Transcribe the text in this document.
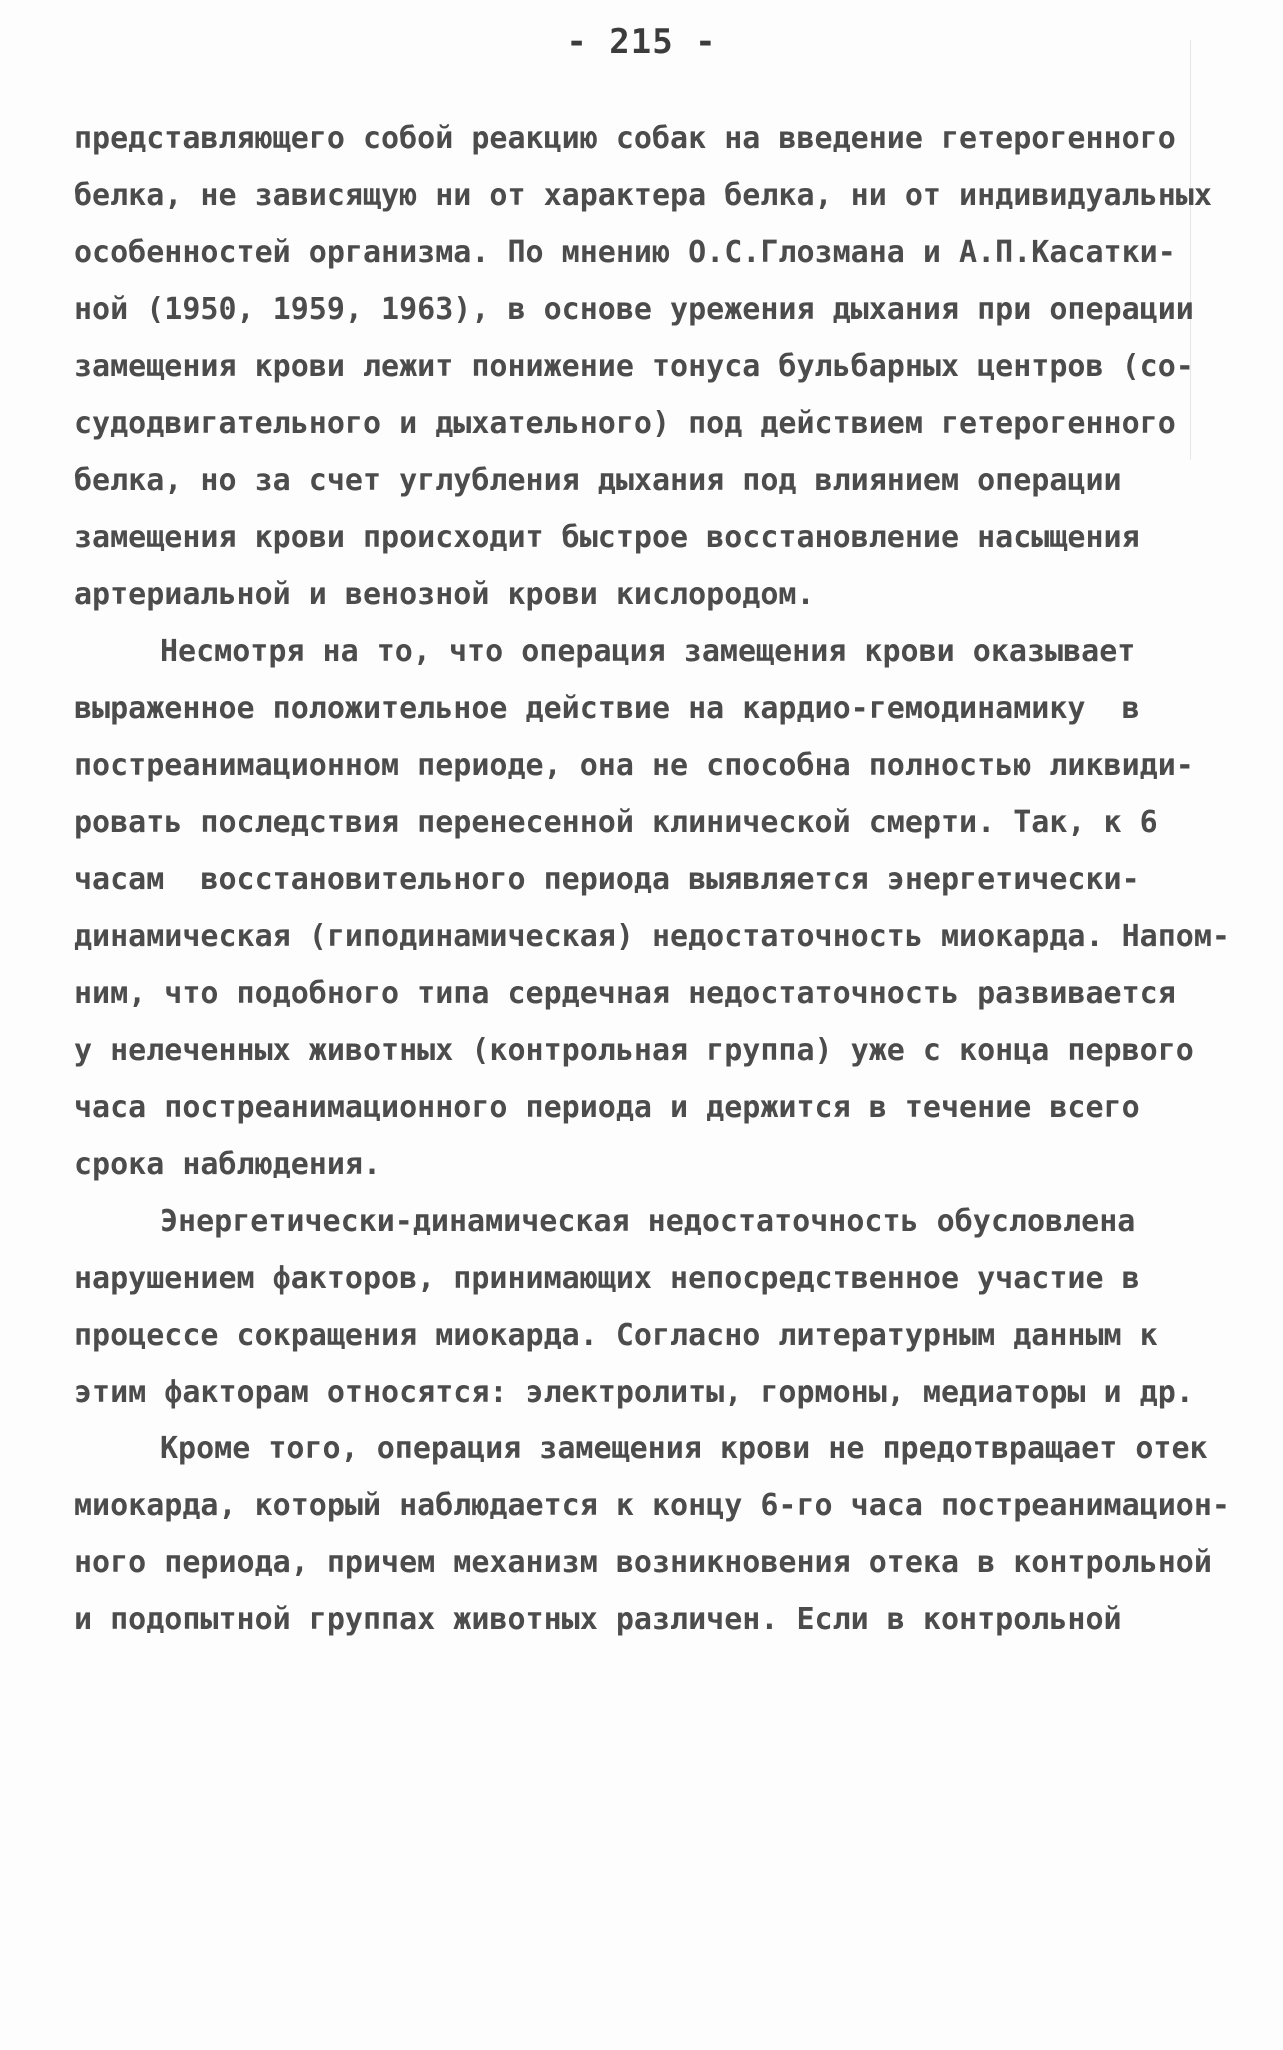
- 215 -
представляющего собой реакцию собак на введение гетерогенного
белка, не зависящую ни от характера белка, ни от индивидуальных
особенностей организма. По мнению О.С.Глозмана и А.П.Касатки-
ной (1950, 1959, 1963), в основе урежения дыхания при операции
замещения крови лежит понижение тонуса бульбарных центров (со-
судодвигательного и дыхательного) под действием гетерогенного
белка, но за счет углубления дыхания под влиянием операции
замещения крови происходит быстрое восстановление насыщения
артериальной и венозной крови кислородом.
Несмотря на то, что операция замещения крови оказывает
выраженное положительное действие на кардио-гемодинамику  в
постреанимационном периоде, она не способна полностью ликвиди-
ровать последствия перенесенной клинической смерти. Так, к 6
часам  восстановительного периода выявляется энергетически-
динамическая (гиподинамическая) недостаточность миокарда. Напом-
ним, что подобного типа сердечная недостаточность развивается
у нелеченных животных (контрольная группа) уже с конца первого
часа постреанимационного периода и держится в течение всего
срока наблюдения.
Энергетически-динамическая недостаточность обусловлена
нарушением факторов, принимающих непосредственное участие в
процессе сокращения миокарда. Согласно литературным данным к
этим факторам относятся: электролиты, гормоны, медиаторы и др.
Кроме того, операция замещения крови не предотвращает отек
миокарда, который наблюдается к концу 6-го часа постреанимацион-
ного периода, причем механизм возникновения отека в контрольной
и подопытной группах животных различен. Если в контрольной
